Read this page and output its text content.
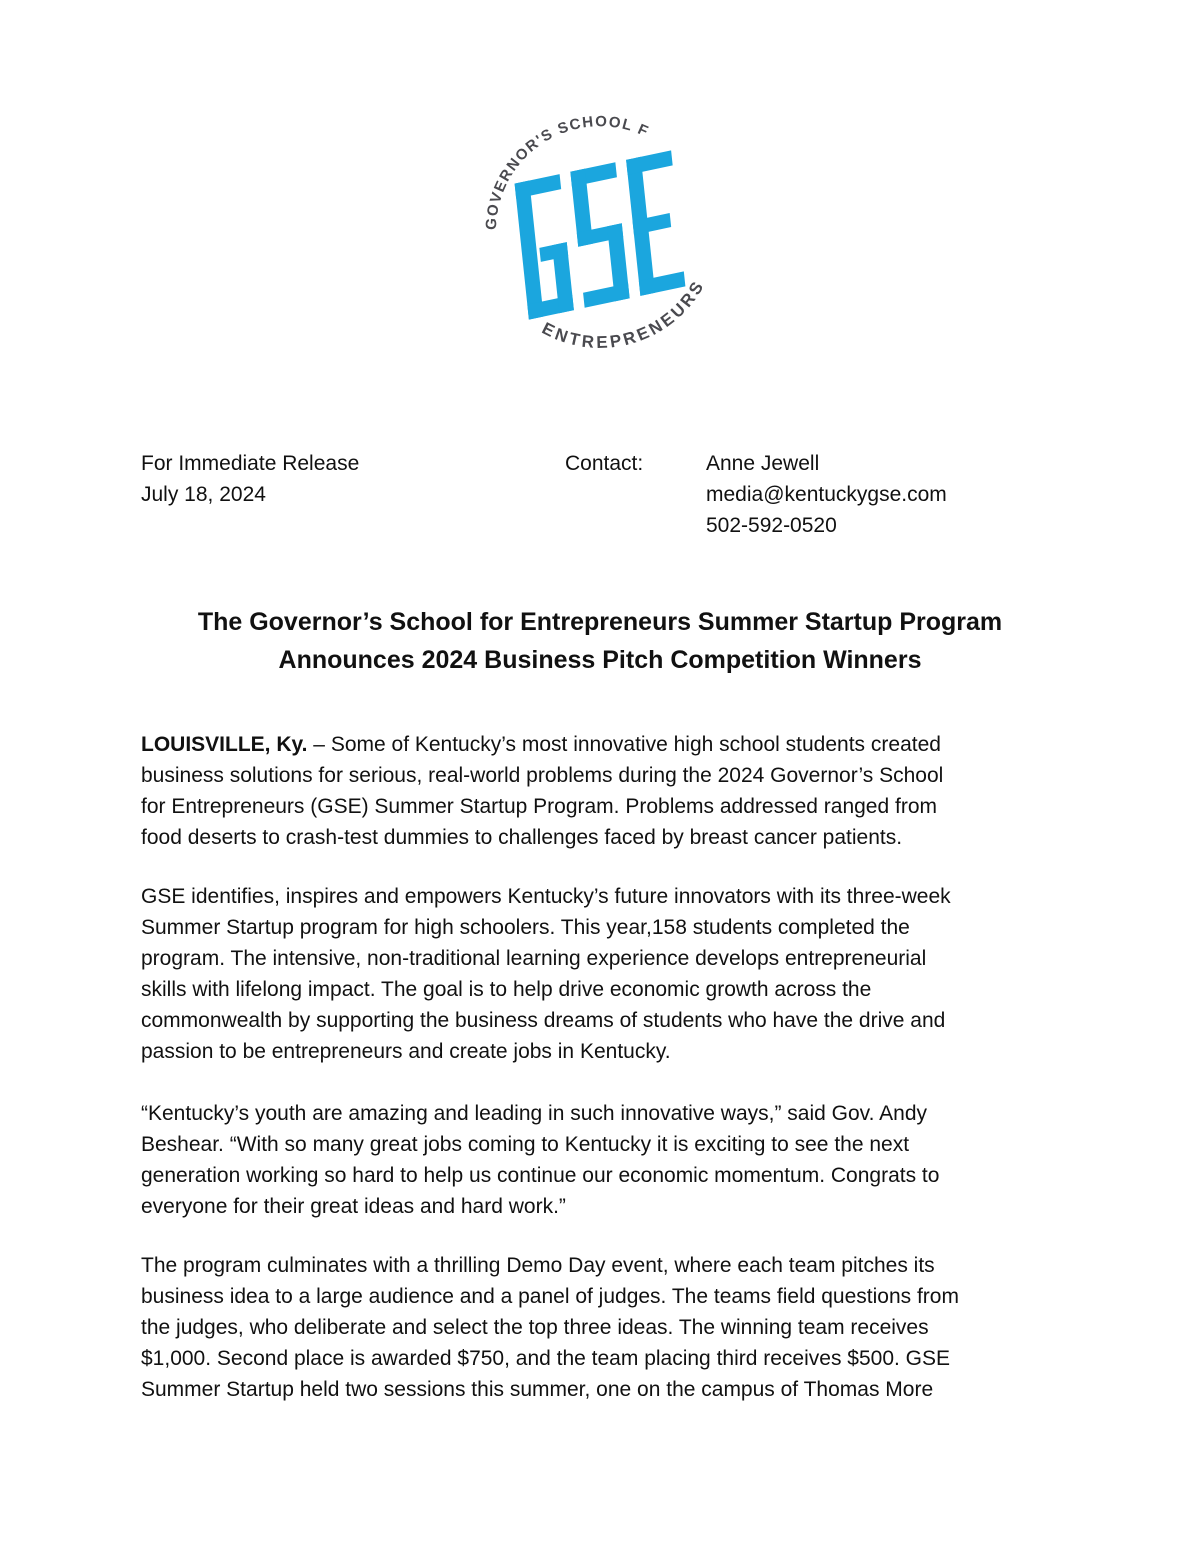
GOVERNOR'S SCHOOL F
ENTREPRENEURS
For Immediate Release
July 18, 2024
Contact:	Anne Jewell
media@kentuckygse.com
502-592-0520
The Governor’s School for Entrepreneurs Summer Startup Program
Announces 2024 Business Pitch Competition Winners
LOUISVILLE, Ky. – Some of Kentucky’s most innovative high school students created
business solutions for serious, real-world problems during the 2024 Governor’s School
for Entrepreneurs (GSE) Summer Startup Program. Problems addressed ranged from
food deserts to crash-test dummies to challenges faced by breast cancer patients.
GSE identifies, inspires and empowers Kentucky’s future innovators with its three-week
Summer Startup program for high schoolers. This year,158 students completed the
program. The intensive, non-traditional learning experience develops entrepreneurial
skills with lifelong impact. The goal is to help drive economic growth across the
commonwealth by supporting the business dreams of students who have the drive and
passion to be entrepreneurs and create jobs in Kentucky.
“Kentucky’s youth are amazing and leading in such innovative ways,” said Gov. Andy
Beshear. “With so many great jobs coming to Kentucky it is exciting to see the next
generation working so hard to help us continue our economic momentum. Congrats to
everyone for their great ideas and hard work.”
The program culminates with a thrilling Demo Day event, where each team pitches its
business idea to a large audience and a panel of judges. The teams field questions from
the judges, who deliberate and select the top three ideas. The winning team receives
$1,000. Second place is awarded $750, and the team placing third receives $500. GSE
Summer Startup held two sessions this summer, one on the campus of Thomas More
